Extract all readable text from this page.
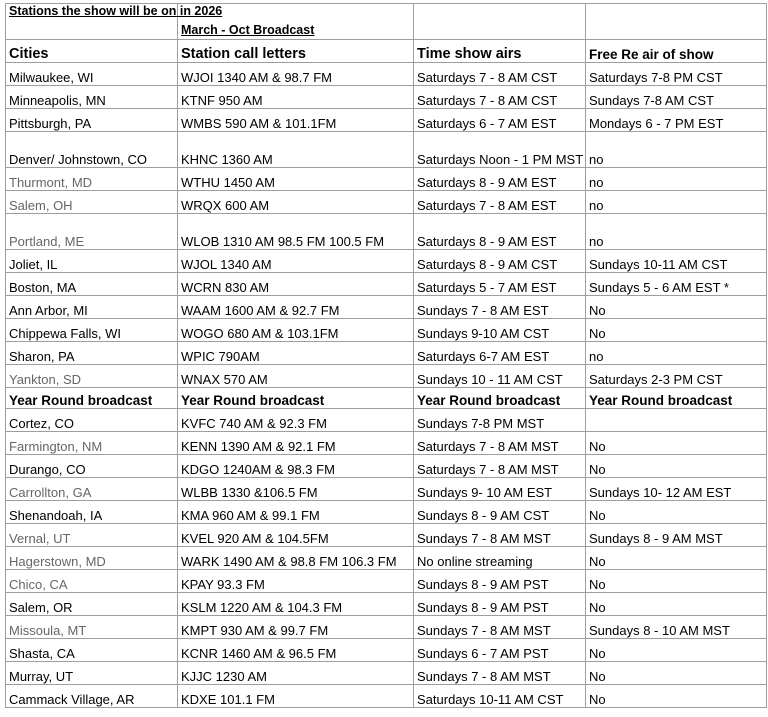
Stations the show will be on in 2026	March - Oct Broadcast		
Cities	Station call letters	Time show airs	Free Re air of show
Milwaukee, WI	WJOI 1340 AM & 98.7 FM	Saturdays 7 - 8 AM CST	Saturdays 7-8 PM CST
Minneapolis, MN	KTNF 950 AM	Saturdays 7 - 8 AM CST	Sundays 7-8 AM CST
Pittsburgh, PA	WMBS 590 AM & 101.1FM	Saturdays 6 - 7 AM EST	Mondays 6 - 7 PM EST
Denver/ Johnstown, CO	KHNC 1360 AM	Saturdays Noon - 1 PM MST	no
Thurmont, MD	WTHU 1450 AM	Saturdays 8 - 9 AM EST	no
Salem, OH	WRQX 600 AM	Saturdays 7 - 8 AM EST	no
Portland, ME	WLOB 1310 AM 98.5 FM 100.5 FM	Saturdays 8 - 9 AM EST	no
Joliet, IL	WJOL 1340 AM	Saturdays 8 - 9 AM CST	Sundays 10-11 AM CST
Boston, MA	WCRN 830 AM	Saturdays 5 - 7 AM EST	Sundays 5 - 6 AM EST *
Ann Arbor, MI	WAAM 1600 AM & 92.7 FM	Sundays 7 - 8 AM EST	No
Chippewa Falls, WI	WOGO 680 AM & 103.1FM	Sundays 9-10 AM CST	No
Sharon, PA	WPIC 790AM	Saturdays 6-7 AM EST	no
Yankton, SD	WNAX 570 AM	Sundays 10 - 11 AM CST	Saturdays 2-3 PM CST
Year Round broadcast	Year Round broadcast	Year Round broadcast	Year Round broadcast
Cortez, CO	KVFC 740 AM & 92.3 FM	Sundays 7-8 PM MST	
Farmington, NM	KENN 1390 AM & 92.1 FM	Saturdays 7 - 8 AM MST	No
Durango, CO	KDGO 1240AM & 98.3 FM	Saturdays 7 - 8 AM MST	No
Carrollton, GA	WLBB 1330 &106.5 FM	Sundays 9- 10 AM EST	Sundays 10- 12 AM EST
Shenandoah, IA	KMA 960 AM & 99.1 FM	Sundays 8 - 9 AM CST	No
Vernal, UT	KVEL 920 AM & 104.5FM	Sundays 7 - 8 AM MST	Sundays 8 - 9 AM MST
Hagerstown, MD	WARK 1490 AM & 98.8 FM 106.3 FM	No online streaming	No
Chico, CA	KPAY 93.3 FM	Sundays 8 - 9 AM PST	No
Salem, OR	KSLM 1220 AM & 104.3 FM	Sundays 8 - 9 AM PST	No
Missoula, MT	KMPT 930 AM & 99.7 FM	Sundays 7 - 8 AM MST	Sundays 8 - 10 AM MST
Shasta, CA	KCNR 1460 AM & 96.5 FM	Sundays 6 - 7 AM PST	No
Murray, UT	KJJC 1230 AM	Sundays 7 - 8 AM MST	No
Cammack Village, AR	KDXE 101.1 FM	Saturdays 10-11 AM CST	No
